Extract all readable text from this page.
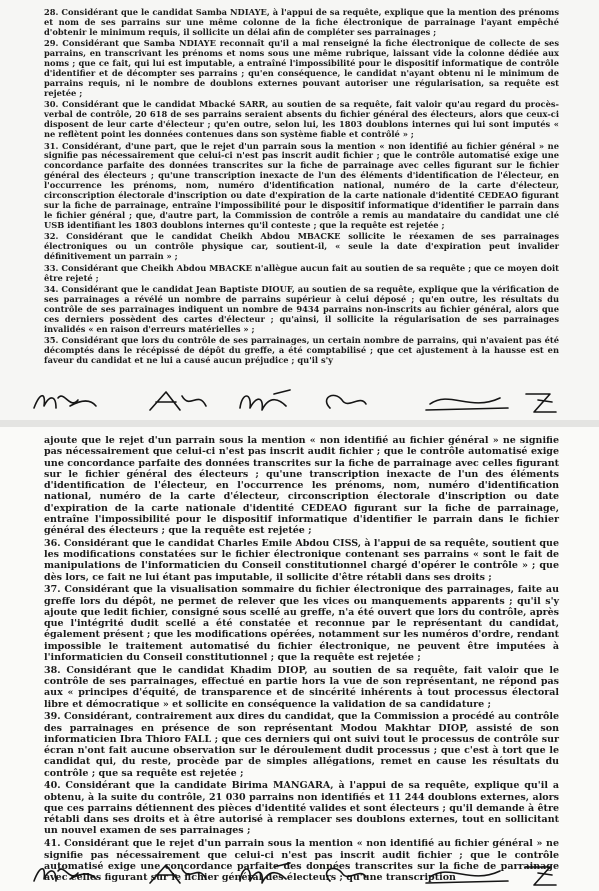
28. Considérant que le candidat Samba NDIAYE, à l'appui de sa requête, explique que la mention des prénoms et nom de ses parrains sur une même colonne de la fiche électronique de parrainage l'ayant empêché d'obtenir le minimum requis, il sollicite un délai afin de compléter ses parrainages ;

29. Considérant que Samba NDIAYE reconnaît qu'il a mal renseigné la fiche électronique de collecte de ses parrains, en transcrivant les prénoms et noms sous une même rubrique, laissant vide la colonne dédiée aux noms ; que ce fait, qui lui est imputable, a entraîné l'impossibilité pour le dispositif informatique de contrôle d'identifier et de décompter ses parrains ; qu'en conséquence, le candidat n'ayant obtenu ni le minimum de parrains requis, ni le nombre de doublons externes pouvant autoriser une régularisation, sa requête est rejetée ;

30. Considérant que le candidat Mbacké SARR, au soutien de sa requête, fait valoir qu'au regard du procès-verbal de contrôle, 20 618 de ses parrains seraient absents du fichier général des électeurs, alors que ceux-ci disposent de leur carte d'électeur ; qu'en outre, selon lui, les 1803 doublons internes qui lui sont imputés « ne reflètent point les données contenues dans son système fiable et contrôlé » ;

31. Considérant, d'une part, que le rejet d'un parrain sous la mention « non identifié au fichier général » ne signifie pas nécessairement que celui-ci n'est pas inscrit audit fichier ; que le contrôle automatisé exige une concordance parfaite des données transcrites sur la fiche de parrainage avec celles figurant sur le fichier général des électeurs ; qu'une transcription inexacte de l'un des éléments d'identification de l'électeur, en l'occurrence les prénoms, nom, numéro d'identification national, numéro de la carte d'électeur, circonscription électorale d'inscription ou date d'expiration de la carte nationale d'identité CEDEAO figurant sur la fiche de parrainage, entraîne l'impossibilité pour le dispositif informatique d'identifier le parrain dans le fichier général ; que, d'autre part, la Commission de contrôle a remis au mandataire du candidat une clé USB identifiant les 1803 doublons internes qu'il conteste ; que la requête est rejetée ;

32. Considérant que le candidat Cheikh Abdou MBACKE sollicite le réexamen de ses parrainages électroniques ou un contrôle physique car, soutient-il, « seule la date d'expiration peut invalider définitivement un parrain » ;

33. Considérant que Cheikh Abdou MBACKE n'allègue aucun fait au soutien de sa requête ; que ce moyen doit être rejeté ;

34. Considérant que le candidat Jean Baptiste DIOUF, au soutien de sa requête, explique que la vérification de ses parrainages a révélé un nombre de parrains supérieur à celui déposé ; qu'en outre, les résultats du contrôle de ses parrainages indiquent un nombre de 9434 parrains non-inscrits au fichier général, alors que ces derniers possèdent des cartes d'électeur ; qu'ainsi, il sollicite la régularisation de ses parrainages invalidés « en raison d'erreurs matérielles » ;

35. Considérant que lors du contrôle de ses parrainages, un certain nombre de parrains, qui n'avaient pas été décomptés dans le récépissé de dépôt du greffe, a été comptabilisé ; que cet ajustement à la hausse est en faveur du candidat et ne lui a causé aucun préjudice ; qu'il s'y

ajoute que le rejet d'un parrain sous la mention « non identifié au fichier général » ne signifie pas nécessairement que celui-ci n'est pas inscrit audit fichier ; que le contrôle automatisé exige une concordance parfaite des données transcrites sur la fiche de parrainage avec celles figurant sur le fichier général des électeurs ; qu'une transcription inexacte de l'un des éléments d'identification de l'électeur, en l'occurrence les prénoms, nom, numéro d'identification national, numéro de la carte d'électeur, circonscription électorale d'inscription ou date d'expiration de la carte nationale d'identité CEDEAO figurant sur la fiche de parrainage, entraîne l'impossibilité pour le dispositif informatique d'identifier le parrain dans le fichier général des électeurs ; que la requête est rejetée ;

36. Considérant que le candidat Charles Emile Abdou CISS, à l'appui de sa requête, soutient que les modifications constatées sur le fichier électronique contenant ses parrains « sont le fait de manipulations de l'informaticien du Conseil constitutionnel chargé d'opérer le contrôle » ; que dès lors, ce fait ne lui étant pas imputable, il sollicite d'être rétabli dans ses droits ;

37. Considérant que la visualisation sommaire du fichier électronique des parrainages, faite au greffe lors du dépôt, ne permet de relever que les vices ou manquements apparents ; qu'il s'y ajoute que ledit fichier, consigné sous scellé au greffe, n'a été ouvert que lors du contrôle, après que l'intégrité dudit scellé a été constatée et reconnue par le représentant du candidat, également présent ; que les modifications opérées, notamment sur les numéros d'ordre, rendant impossible le traitement automatisé du fichier électronique, ne peuvent être imputées à l'informaticien du Conseil constitutionnel ; que la requête est rejetée ;

38. Considérant que le candidat Khadim DIOP, au soutien de sa requête, fait valoir que le contrôle de ses parrainages, effectué en partie hors la vue de son représentant, ne répond pas aux « principes d'équité, de transparence et de sincérité inhérents à tout processus électoral libre et démocratique » et sollicite en conséquence la validation de sa candidature ;

39. Considérant, contrairement aux dires du candidat, que la Commission a procédé au contrôle des parrainages en présence de son représentant Modou Makhtar DIOP, assisté de son informaticien Ibra Thioro FALL ; que ces derniers qui ont suivi tout le processus de contrôle sur écran n'ont fait aucune observation sur le déroulement dudit processus ; que c'est à tort que le candidat qui, du reste, procède par de simples allégations, remet en cause les résultats du contrôle ; que sa requête est rejetée ;

40. Considérant que la candidate Birima MANGARA, à l'appui de sa requête, explique qu'il a obtenu, à la suite du contrôle, 21 030 parrains non identifiés et 11 244 doublons externes, alors que ces parrains détiennent des pièces d'identité valides et sont électeurs ; qu'il demande à être rétabli dans ses droits et à être autorisé à remplacer ses doublons externes, tout en sollicitant un nouvel examen de ses parrainages ;

41. Considérant que le rejet d'un parrain sous la mention « non identifié au fichier général » ne signifie pas nécessairement que celui-ci n'est pas inscrit audit fichier ; que le contrôle automatisé exige une concordance parfaite des données transcrites sur la fiche de parrainage avec celles figurant sur le fichier général des électeurs ; qu'une transcription
